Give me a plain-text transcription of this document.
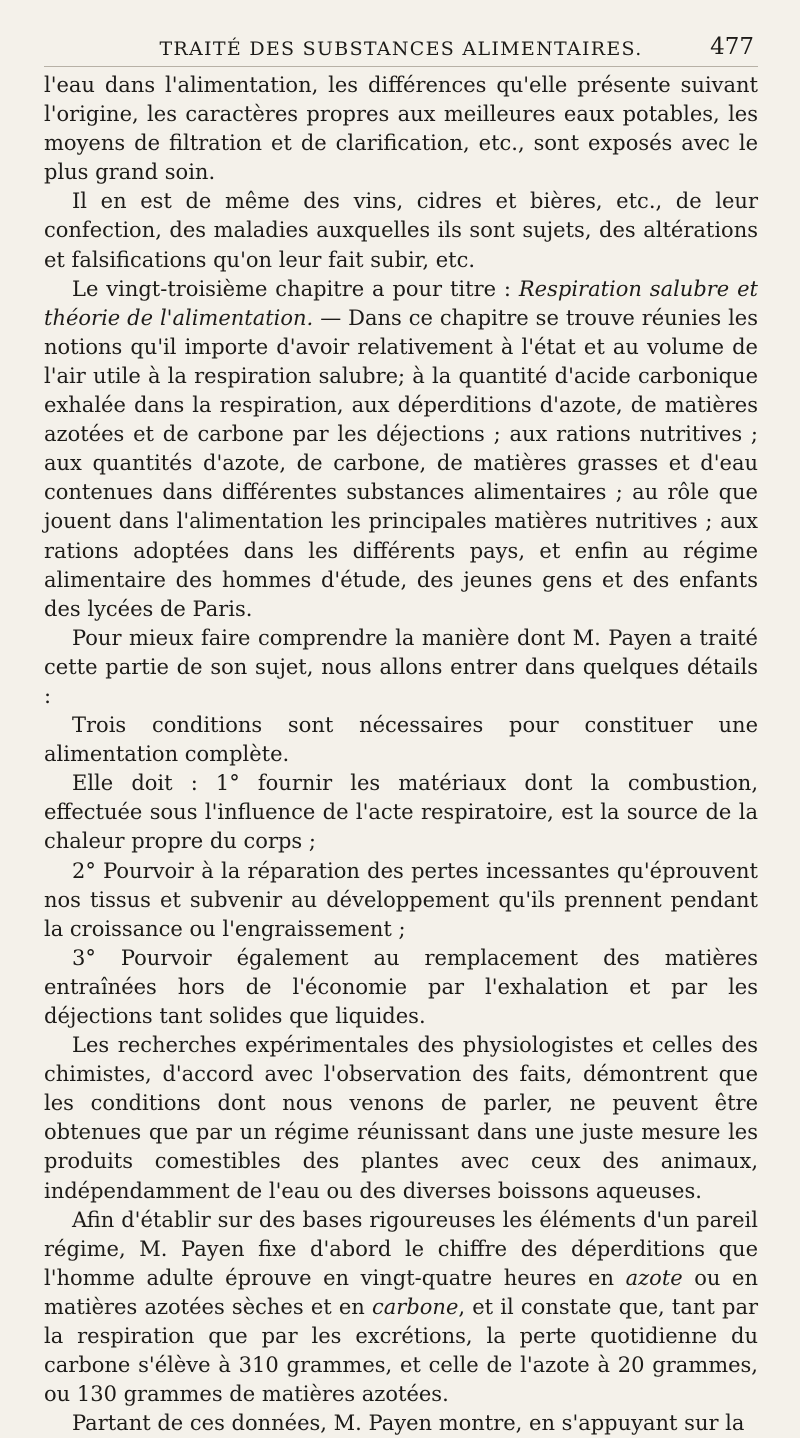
TRAITÉ DES SUBSTANCES ALIMENTAIRES.	477

l'eau dans l'alimentation, les différences qu'elle présente suivant l'origine, les caractères propres aux meilleures eaux potables, les moyens de filtration et de clarification, etc., sont exposés avec le plus grand soin.

Il en est de même des vins, cidres et bières, etc., de leur confection, des maladies auxquelles ils sont sujets, des altérations et falsifications qu'on leur fait subir, etc.

Le vingt-troisième chapitre a pour titre : Respiration salubre et théorie de l'alimentation. — Dans ce chapitre se trouve réunies les notions qu'il importe d'avoir relativement à l'état et au volume de l'air utile à la respiration salubre; à la quantité d'acide carbonique exhalée dans la respiration, aux déperditions d'azote, de matières azotées et de carbone par les déjections ; aux rations nutritives ; aux quantités d'azote, de carbone, de matières grasses et d'eau contenues dans différentes substances alimentaires ; au rôle que jouent dans l'alimentation les principales matières nutritives ; aux rations adoptées dans les différents pays, et enfin au régime alimentaire des hommes d'étude, des jeunes gens et des enfants des lycées de Paris.

Pour mieux faire comprendre la manière dont M. Payen a traité cette partie de son sujet, nous allons entrer dans quelques détails :

Trois conditions sont nécessaires pour constituer une alimentation complète.

Elle doit : 1° fournir les matériaux dont la combustion, effectuée sous l'influence de l'acte respiratoire, est la source de la chaleur propre du corps ;

2° Pourvoir à la réparation des pertes incessantes qu'éprouvent nos tissus et subvenir au développement qu'ils prennent pendant la croissance ou l'engraissement ;

3° Pourvoir également au remplacement des matières entraînées hors de l'économie par l'exhalation et par les déjections tant solides que liquides.

Les recherches expérimentales des physiologistes et celles des chimistes, d'accord avec l'observation des faits, démontrent que les conditions dont nous venons de parler, ne peuvent être obtenues que par un régime réunissant dans une juste mesure les produits comestibles des plantes avec ceux des animaux, indépendamment de l'eau ou des diverses boissons aqueuses.

Afin d'établir sur des bases rigoureuses les éléments d'un pareil régime, M. Payen fixe d'abord le chiffre des déperditions que l'homme adulte éprouve en vingt-quatre heures en azote ou en matières azotées sèches et en carbone, et il constate que, tant par la respiration que par les excrétions, la perte quotidienne du carbone s'élève à 310 grammes, et celle de l'azote à 20 grammes, ou 130 grammes de matières azotées.

Partant de ces données, M. Payen montre, en s'appuyant sur la
